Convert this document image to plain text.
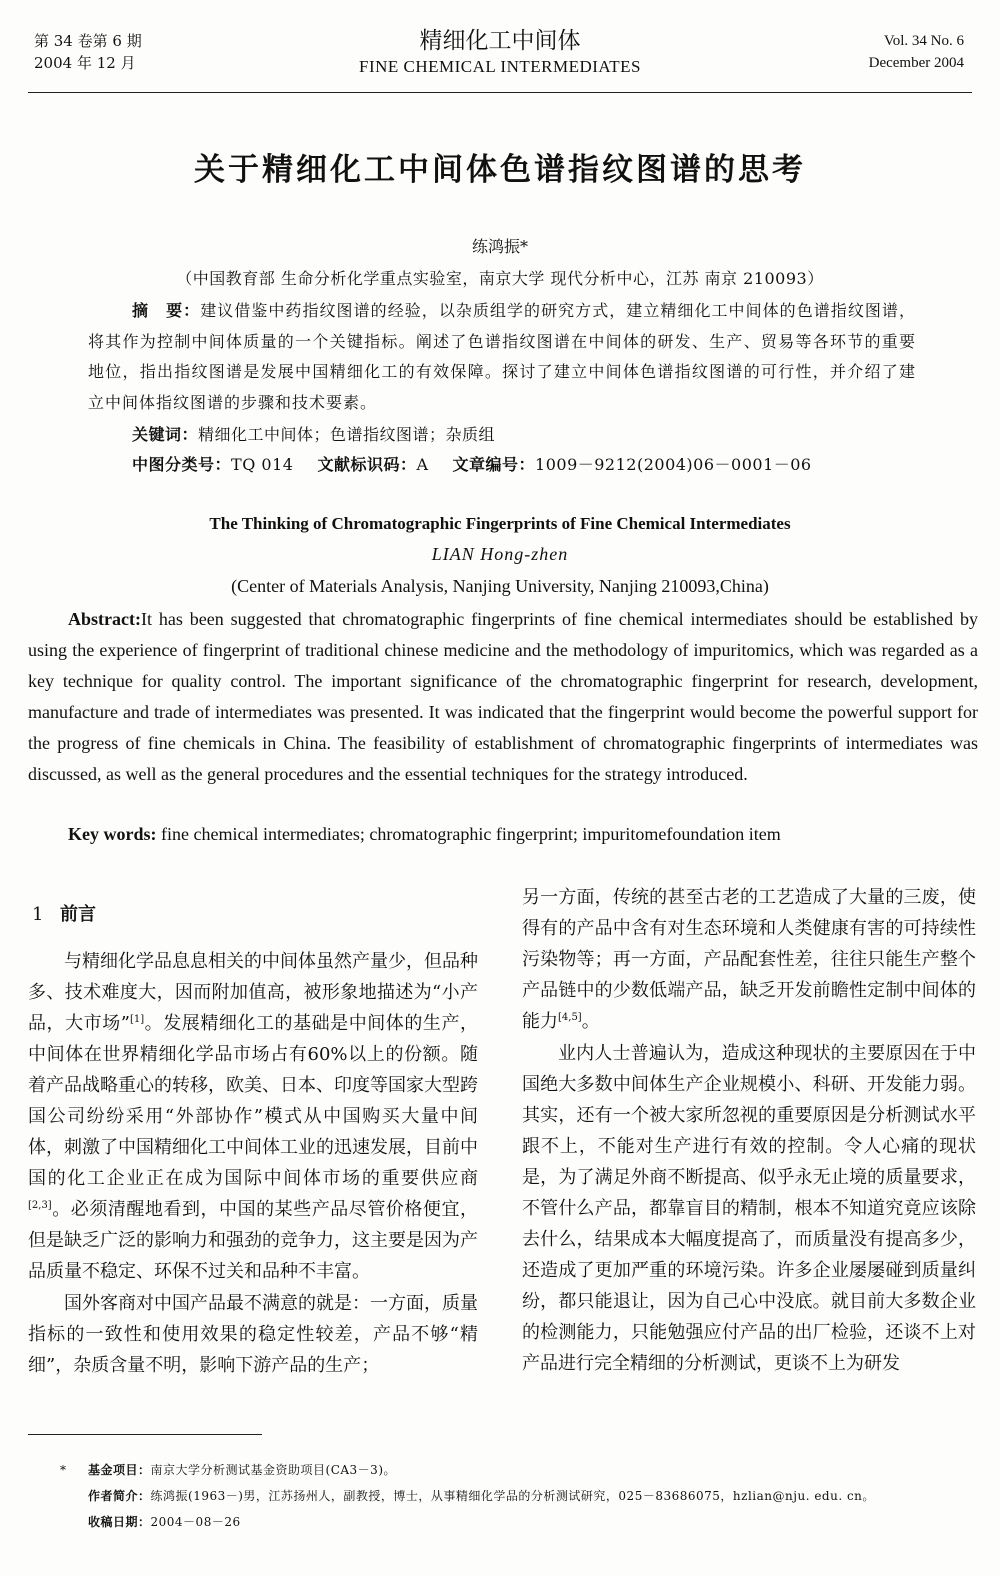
第 34 卷第 6 期
2004 年 12 月
精细化工中间体
FINE CHEMICAL INTERMEDIATES
Vol. 34 No. 6
December 2004
关于精细化工中间体色谱指纹图谱的思考
练鸿振*
（中国教育部 生命分析化学重点实验室，南京大学 现代分析中心，江苏 南京 210093）
摘　要：建议借鉴中药指纹图谱的经验，以杂质组学的研究方式，建立精细化工中间体的色谱指纹图谱，将其作为控制中间体质量的一个关键指标。阐述了色谱指纹图谱在中间体的研发、生产、贸易等各环节的重要地位，指出指纹图谱是发展中国精细化工的有效保障。探讨了建立中间体色谱指纹图谱的可行性，并介绍了建立中间体指纹图谱的步骤和技术要素。
关键词：精细化工中间体；色谱指纹图谱；杂质组
中图分类号：TQ 014 文献标识码：A 文章编号：1009－9212(2004)06－0001－06
The Thinking of Chromatographic Fingerprints of Fine Chemical Intermediates
LIAN Hong-zhen
(Center of Materials Analysis, Nanjing University, Nanjing 210093,China)
Abstract:It has been suggested that chromatographic fingerprints of fine chemical intermediates should be established by using the experience of fingerprint of traditional chinese medicine and the methodology of impuritomics, which was regarded as a key technique for quality control. The important significance of the chromatographic fingerprint for research, development, manufacture and trade of intermediates was presented. It was indicated that the fingerprint would become the powerful support for the progress of fine chemicals in China. The feasibility of establishment of chromatographic fingerprints of intermediates was discussed, as well as the general procedures and the essential techniques for the strategy introduced.
Key words: fine chemical intermediates; chromatographic fingerprint; impuritomefoundation item
1 前言

与精细化学品息息相关的中间体虽然产量少，但品种多、技术难度大，因而附加值高，被形象地描述为“小产品，大市场”[1]。发展精细化工的基础是中间体的生产，中间体在世界精细化学品市场占有60%以上的份额。随着产品战略重心的转移，欧美、日本、印度等国家大型跨国公司纷纷采用“外部协作”模式从中国购买大量中间体，刺激了中国精细化工中间体工业的迅速发展，目前中国的化工企业正在成为国际中间体市场的重要供应商[2,3]。必须清醒地看到，中国的某些产品尽管价格便宜，但是缺乏广泛的影响力和强劲的竞争力，这主要是因为产品质量不稳定、环保不过关和品种不丰富。

国外客商对中国产品最不满意的就是：一方面，质量指标的一致性和使用效果的稳定性较差，产品不够“精细”，杂质含量不明，影响下游产品的生产；

另一方面，传统的甚至古老的工艺造成了大量的三废，使得有的产品中含有对生态环境和人类健康有害的可持续性污染物等；再一方面，产品配套性差，往往只能生产整个产品链中的少数低端产品，缺乏开发前瞻性定制中间体的能力[4,5]。

业内人士普遍认为，造成这种现状的主要原因在于中国绝大多数中间体生产企业规模小、科研、开发能力弱。其实，还有一个被大家所忽视的重要原因是分析测试水平跟不上，不能对生产进行有效的控制。令人心痛的现状是，为了满足外商不断提高、似乎永无止境的质量要求，不管什么产品，都靠盲目的精制，根本不知道究竟应该除去什么，结果成本大幅度提高了，而质量没有提高多少，还造成了更加严重的环境污染。许多企业屡屡碰到质量纠纷，都只能退让，因为自己心中没底。就目前大多数企业的检测能力，只能勉强应付产品的出厂检验，还谈不上对产品进行完全精细的分析测试，更谈不上为研发

* 基金项目：南京大学分析测试基金资助项目(CA3－3)。
作者简介：练鸿振(1963－)男，江苏扬州人，副教授，博士，从事精细化学品的分析测试研究，025－83686075，hzlian@nju. edu. cn。
收稿日期：2004－08－26
